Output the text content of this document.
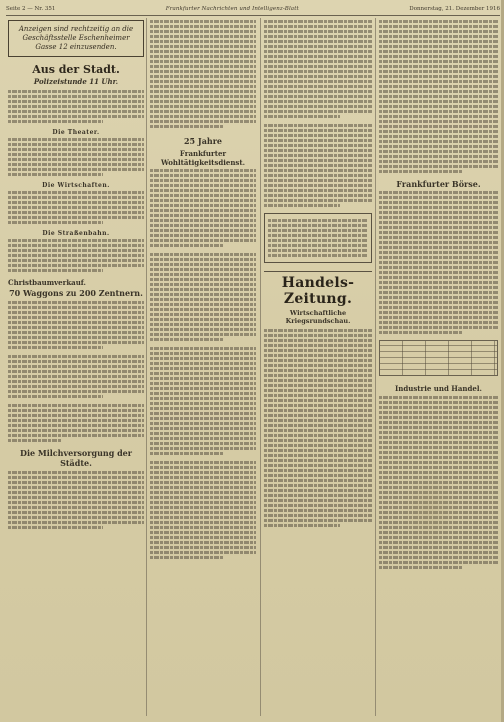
Seite 2 — Nr. 351	Frankfurter Nachrichten und Intelligenz-Blatt	Donnerstag, 21. Dezember 1916
Anzeigen sind rechtzeitig an die Geschäftsstelle Eschenheimer Gasse 12 einzusenden.
Aus der Stadt.
Polizeistunde 11 Uhr.
Die Theater.
Die Wirtschaften.
Die Straßenbahn.
Christbaumverkauf.
70 Waggons zu 200 Zentnern.
Die Milchversorgung der Städte.
25 Jahre
Frankfurter Wohltätigkeitsdienst.
Handels-Zeitung.
Wirtschaftliche Kriegsrundschau.
Frankfurter Börse.
Industrie und Handel.
